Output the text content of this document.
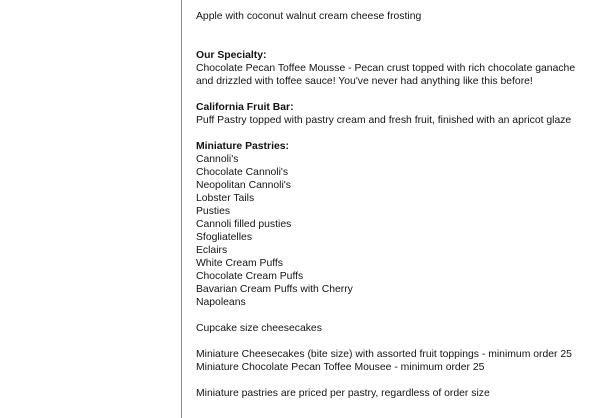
Apple with coconut walnut cream cheese frosting
Our Specialty:
Chocolate Pecan Toffee Mousse - Pecan crust topped with rich chocolate ganache and drizzled with toffee sauce! You've never had anything like this before!
California Fruit Bar:
Puff Pastry topped with pastry cream and fresh fruit, finished with an apricot glaze
Miniature Pastries:
Cannoli's
Chocolate Cannoli's
Neopolitan Cannoli's
Lobster Tails
Pusties
Cannoli filled pusties
Sfogliatelles
Eclairs
White Cream Puffs
Chocolate Cream Puffs
Bavarian Cream Puffs with Cherry
Napoleans
Cupcake size cheesecakes
Miniature Cheesecakes (bite size) with assorted fruit toppings - minimum order 25
Miniature Chocolate Pecan Toffee Mousee - minimum order 25
Miniature pastries are priced per pastry, regardless of order size
